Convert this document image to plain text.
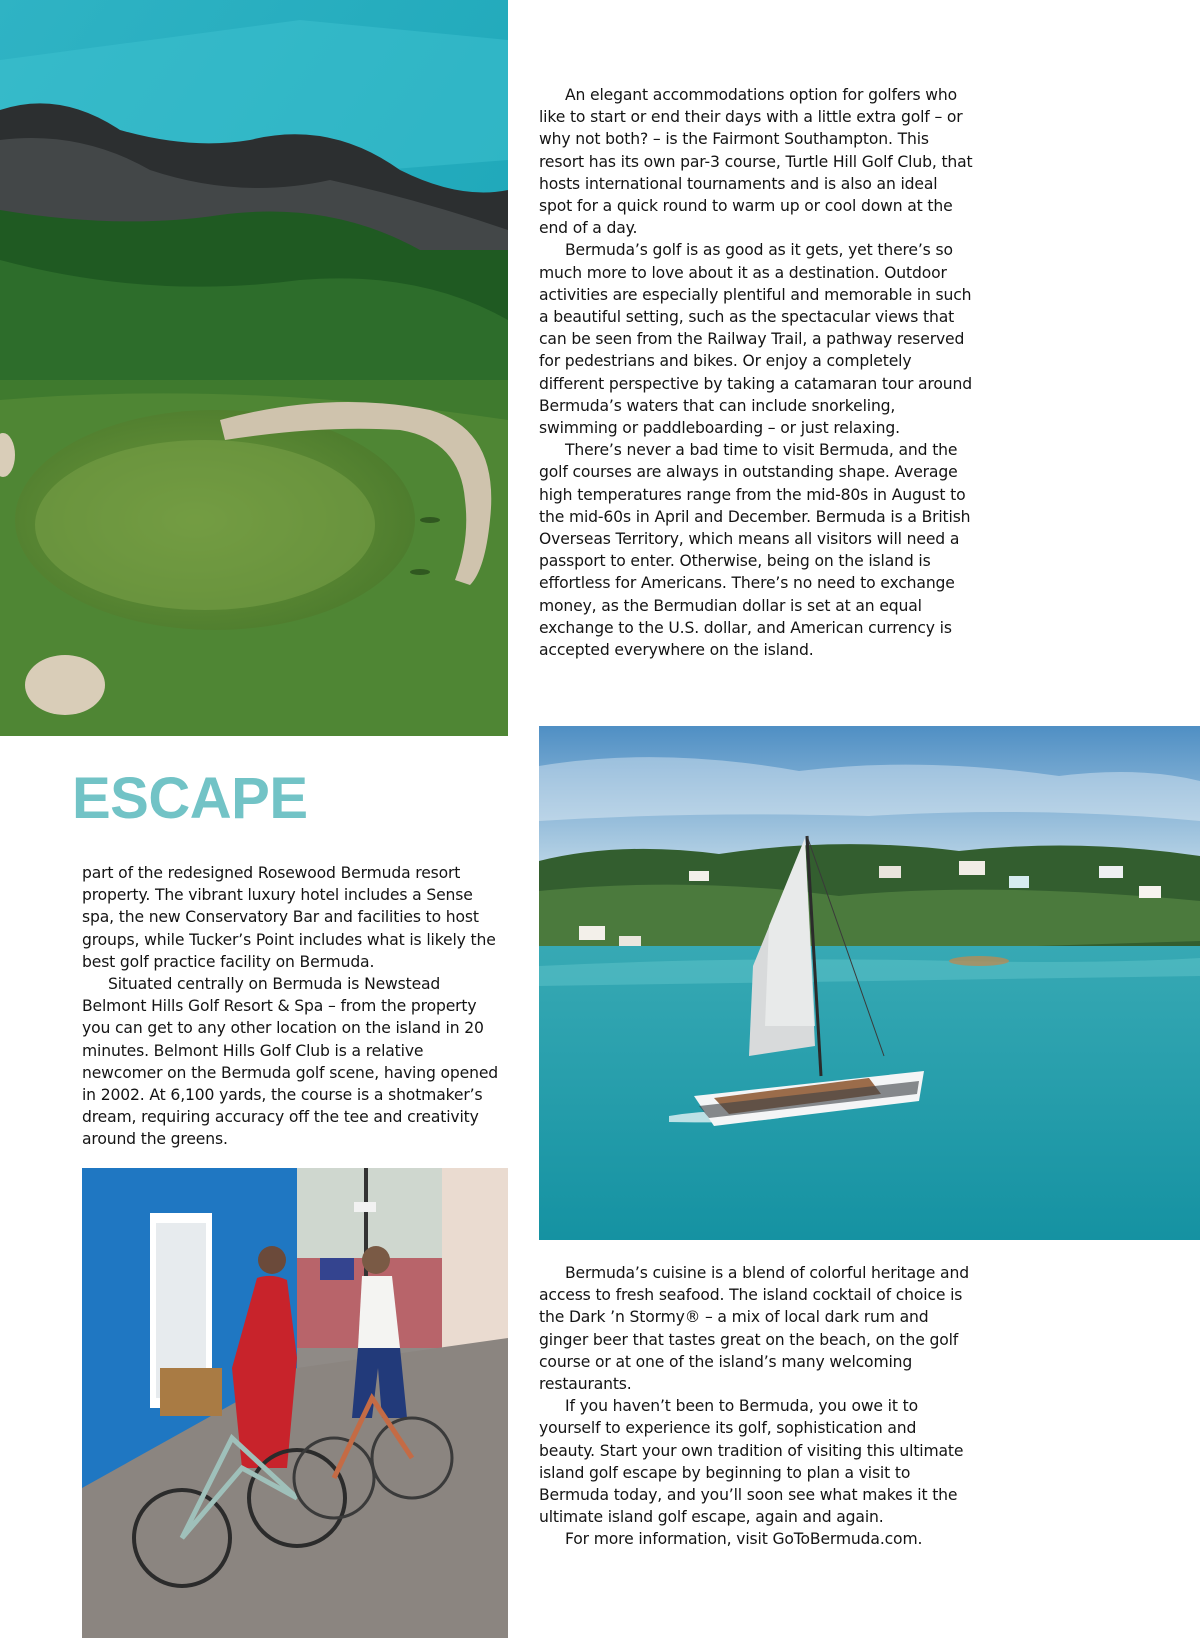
An elegant accommodations option for golfers who like to start or end their days with a little extra golf – or why not both? – is the Fairmont Southampton. This resort has its own par-3 course, Turtle Hill Golf Club, that hosts international tournaments and is also an ideal spot for a quick round to warm up or cool down at the end of a day.

Bermuda’s golf is as good as it gets, yet there’s so much more to love about it as a destination. Outdoor activities are especially plentiful and memorable in such a beautiful setting, such as the spectacular views that can be seen from the Railway Trail, a pathway reserved for pedestrians and bikes. Or enjoy a completely different perspective by taking a catamaran tour around Bermuda’s waters that can include snorkeling, swimming or paddleboarding – or just relaxing.

There’s never a bad time to visit Bermuda, and the golf courses are always in outstanding shape. Average high temperatures range from the mid-80s in August to the mid-60s in April and December. Bermuda is a British Overseas Territory, which means all visitors will need a passport to enter. Otherwise, being on the island is effortless for Americans. There’s no need to exchange money, as the Bermudian dollar is set at an equal exchange to the U.S. dollar, and American currency is accepted everywhere on the island.

ESCAPE

part of the redesigned Rosewood Bermuda resort property. The vibrant luxury hotel includes a Sense spa, the new Conservatory Bar and facilities to host groups, while Tucker’s Point includes what is likely the best golf practice facility on Bermuda.

Situated centrally on Bermuda is Newstead Belmont Hills Golf Resort & Spa – from the property you can get to any other location on the island in 20 minutes. Belmont Hills Golf Club is a relative newcomer on the Bermuda golf scene, having opened in 2002. At 6,100 yards, the course is a shotmaker’s dream, requiring accuracy off the tee and creativity around the greens.

Bermuda’s cuisine is a blend of colorful heritage and access to fresh seafood. The island cocktail of choice is the Dark ’n Stormy® – a mix of local dark rum and ginger beer that tastes great on the beach, on the golf course or at one of the island’s many welcoming restaurants.

If you haven’t been to Bermuda, you owe it to yourself to experience its golf, sophistication and beauty. Start your own tradition of visiting this ultimate island golf escape by beginning to plan a visit to Bermuda today, and you’ll soon see what makes it the ultimate island golf escape, again and again.

For more information, visit GoToBermuda.com.
